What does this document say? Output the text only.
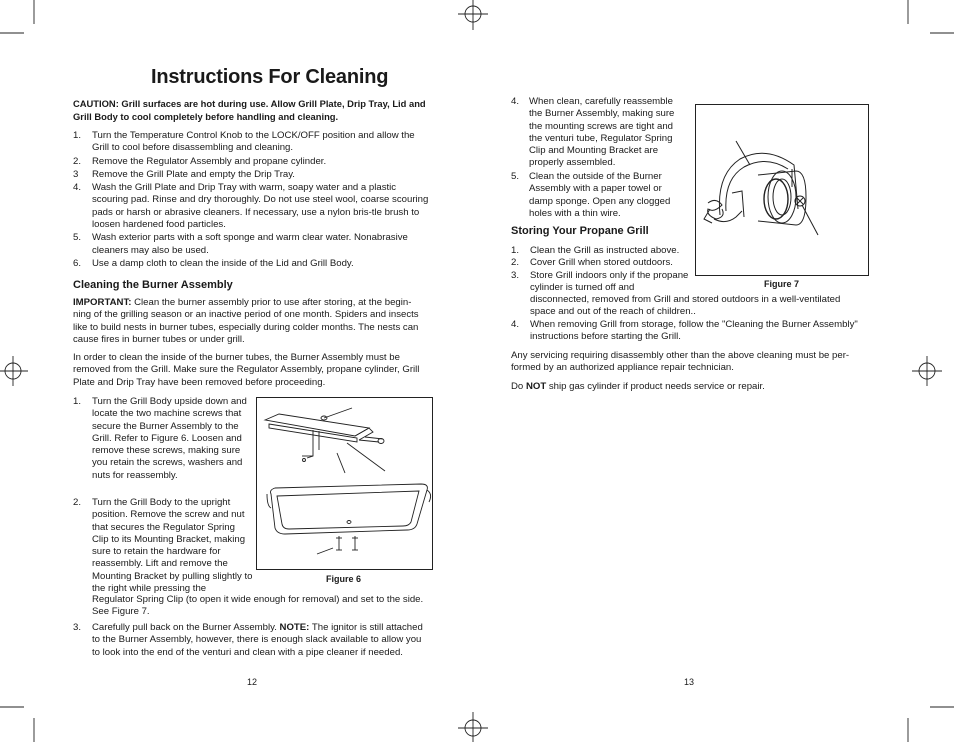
Instructions For Cleaning
CAUTION: Grill surfaces are hot during use. Allow Grill Plate, Drip Tray, Lid and Grill Body to cool completely before handling and cleaning.
1. Turn the Temperature Control Knob to the LOCK/OFF position and allow the Grill to cool before disassembling and cleaning.
2. Remove the Regulator Assembly and propane cylinder.
3 Remove the Grill Plate and empty the Drip Tray.
4. Wash the Grill Plate and Drip Tray with warm, soapy water and a plastic scouring pad. Rinse and dry thoroughly. Do not use steel wool, coarse scouring pads or harsh or abrasive cleaners. If necessary, use a nylon bris-tle brush to loosen hardened food particles.
5. Wash exterior parts with a soft sponge and warm clear water. Nonabrasive cleaners may also be used.
6. Use a damp cloth to clean the inside of the Lid and Grill Body.
Cleaning the Burner Assembly
IMPORTANT: Clean the burner assembly prior to use after storing, at the begin-ning of the grilling season or an inactive period of one month. Spiders and insects like to build nests in burner tubes, especially during colder months. The nests can cause fires in burner tubes or under grill.
In order to clean the inside of the burner tubes, the Burner Assembly must be removed from the Grill. Make sure the Regulator Assembly, propane cylinder, Grill Plate and Drip Tray have been removed before proceeding.
1.	Turn the Grill Body upside down and locate the two machine screws that secure the Burner Assembly to the Grill. Refer to Figure 6. Loosen and remove these screws, making sure you retain the screws, washers and nuts for reassembly.
2.	Turn the Grill Body to the upright position. Remove the screw and nut that secures the Regulator Spring Clip to its Mounting Bracket, making sure to retain the hardware for reassembly. Lift and remove the Mounting Bracket by pulling slightly to the right while pressing the
Regulator Spring Clip (to open it wide enough for removal) and set to the side. See Figure 7.
3.	Carefully pull back on the Burner Assembly. NOTE: The ignitor is still attached to the Burner Assembly, however, there is enough slack available to allow you to look into the end of the venturi and clean with a pipe cleaner if needed.
Figure 6
12
4.	When clean, carefully reassemble the Burner Assembly, making sure the mounting screws are tight and the venturi tube, Regulator Spring Clip and Mounting Bracket are properly assembled.
5.	Clean the outside of the Burner Assembly with a paper towel or damp sponge. Open any clogged holes with a thin wire.
Storing Your Propane Grill
1. Clean the Grill as instructed above.
2. Cover Grill when stored outdoors.
3. Store Grill indoors only if the propane cylinder is turned off and
disconnected, removed from Grill and stored outdoors in a well-ventilated space and out of the reach of children..
4. When removing Grill from storage, follow the "Cleaning the Burner Assembly" instructions before starting the Grill.
Any servicing requiring disassembly other than the above cleaning must be per-formed by an authorized appliance repair technician.
Do NOT ship gas cylinder if product needs service or repair.
Figure 7
13
